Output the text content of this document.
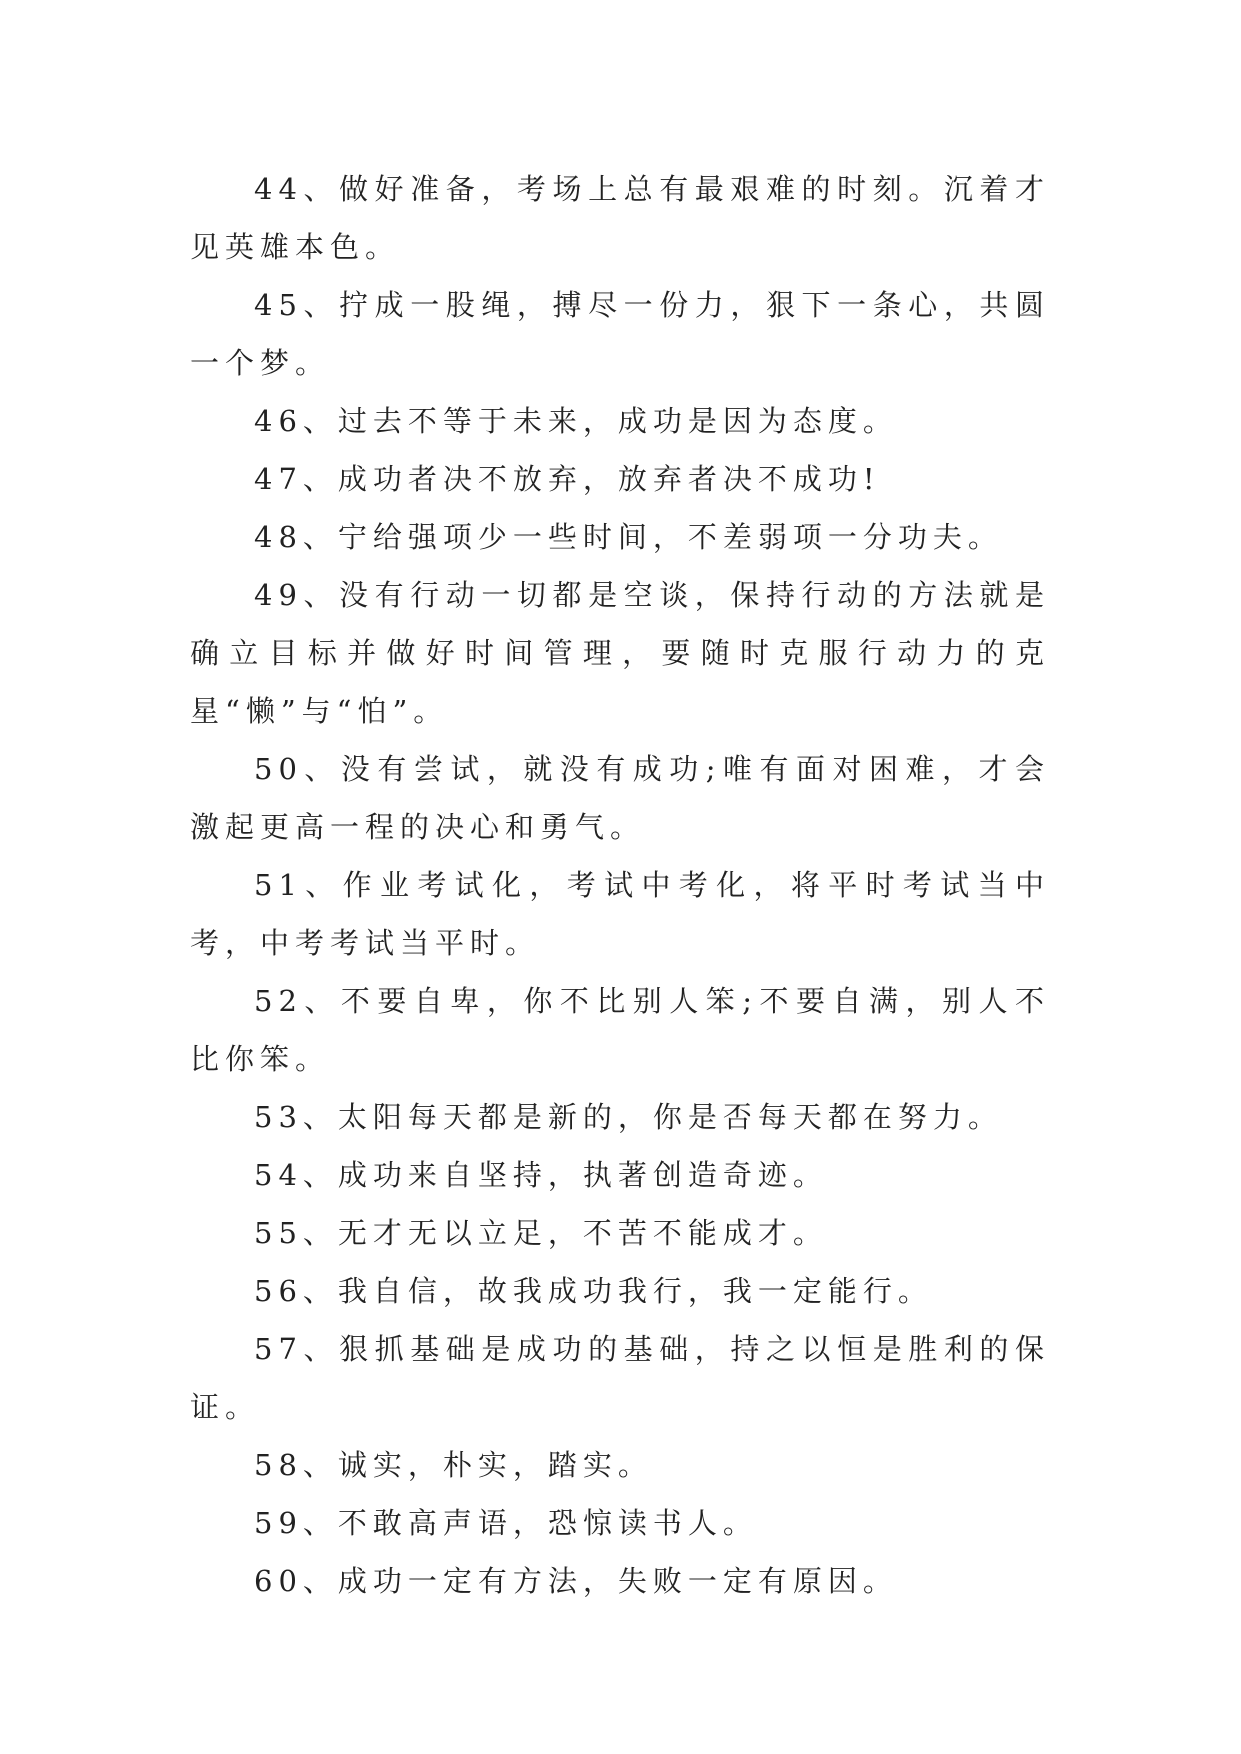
44、做好准备，考场上总有最艰难的时刻。沉着才见英雄本色。

45、拧成一股绳，搏尽一份力，狠下一条心，共圆一个梦。

46、过去不等于未来，成功是因为态度。

47、成功者决不放弃，放弃者决不成功!

48、宁给强项少一些时间，不差弱项一分功夫。

49、没有行动一切都是空谈，保持行动的方法就是确立目标并做好时间管理，要随时克服行动力的克星“懒”与“怕”。

50、没有尝试，就没有成功;唯有面对困难，才会激起更高一程的决心和勇气。

51、作业考试化，考试中考化，将平时考试当中考，中考考试当平时。

52、不要自卑，你不比别人笨;不要自满，别人不比你笨。

53、太阳每天都是新的，你是否每天都在努力。

54、成功来自坚持，执著创造奇迹。

55、无才无以立足，不苦不能成才。

56、我自信，故我成功我行，我一定能行。

57、狠抓基础是成功的基础，持之以恒是胜利的保证。

58、诚实，朴实，踏实。

59、不敢高声语，恐惊读书人。

60、成功一定有方法，失败一定有原因。
